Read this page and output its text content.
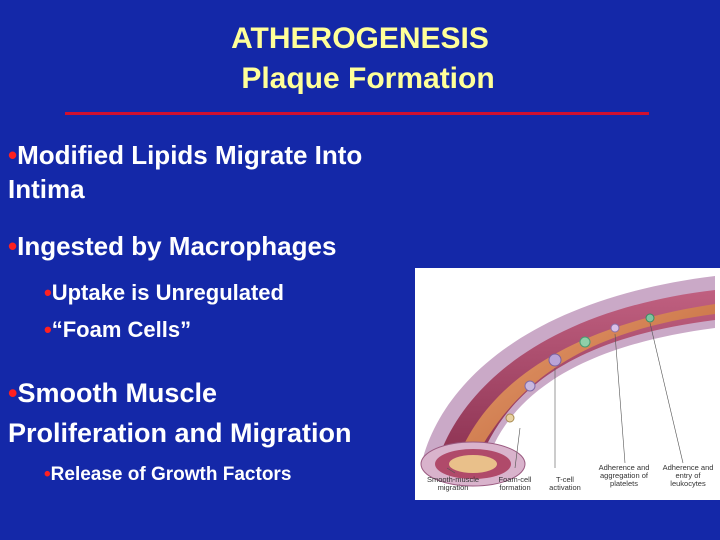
ATHEROGENESIS
Plaque Formation
•Modified Lipids Migrate Into
Intima
•Ingested by Macrophages
•Uptake is Unregulated
•“Foam Cells”
•Smooth Muscle
Proliferation and Migration
•Release of Growth Factors	Smooth-muscle migration
Foam-cell formation
T-cell activation
Adherence and aggregation of platelets
Adherence and entry of leukocytes
